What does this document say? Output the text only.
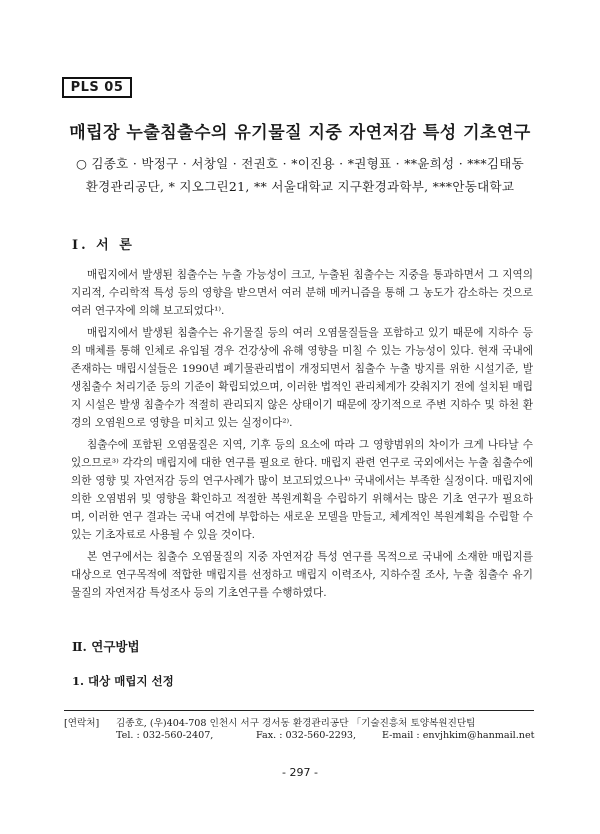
PLS 05
매립장 누출침출수의 유기물질 지중 자연저감 특성 기초연구
○ 김종호 · 박정구 · 서창일 · 전권호 · *이진용 · *권형표 · **윤희성 · ***김태동
환경관리공단, * 지오그린21, ** 서울대학교 지구환경과학부, ***안동대학교
Ⅰ. 서 론

매립지에서 발생된 침출수는 누출 가능성이 크고, 누출된 침출수는 지중을 통과하면서 그 지역의 지리적, 수리학적 특성 등의 영향을 받으면서 여러 분해 메커니즘을 통해 그 농도가 감소하는 것으로 여러 연구자에 의해 보고되었다¹⁾.

매립지에서 발생된 침출수는 유기물질 등의 여러 오염물질들을 포함하고 있기 때문에 지하수 등의 매체를 통해 인체로 유입될 경우 건강상에 유해 영향을 미칠 수 있는 가능성이 있다. 현재 국내에 존재하는 매립시설들은 1990년 폐기물관리법이 개정되면서 침출수 누출 방지를 위한 시설기준, 발생침출수 처리기준 등의 기준이 확립되었으며, 이러한 법적인 관리체계가 갖춰지기 전에 설치된 매립지 시설은 발생 침출수가 적절히 관리되지 않은 상태이기 때문에 장기적으로 주변 지하수 및 하천 환경의 오염원으로 영향을 미치고 있는 실정이다²⁾.

침출수에 포함된 오염물질은 지역, 기후 등의 요소에 따라 그 영향범위의 차이가 크게 나타날 수 있으므로³⁾ 각각의 매립지에 대한 연구를 필요로 한다. 매립지 관련 연구로 국외에서는 누출 침출수에 의한 영향 및 자연저감 등의 연구사례가 많이 보고되었으나⁴⁾ 국내에서는 부족한 실정이다. 매립지에 의한 오염범위 및 영향을 확인하고 적절한 복원계획을 수립하기 위해서는 많은 기초 연구가 필요하며, 이러한 연구 결과는 국내 여건에 부합하는 새로운 모델을 만들고, 체계적인 복원계획을 수립할 수 있는 기초자료로 사용될 수 있을 것이다.

본 연구에서는 침출수 오염물질의 지중 자연저감 특성 연구를 목적으로 국내에 소재한 매립지를 대상으로 연구목적에 적합한 매립지를 선정하고 매립지 이력조사, 지하수질 조사, 누출 침출수 유기물질의 자연저감 특성조사 등의 기초연구를 수행하였다.

Ⅱ. 연구방법
1. 대상 매립지 선정
[연락처] 김종호, (우)404-708 인천시 서구 경서동 환경관리공단 「기술진흥처 토양복원진단팀
Tel. : 032-560-2407,	Fax. : 032-560-2293,	E-mail : envjhkim@hanmail.net
- 297 -
